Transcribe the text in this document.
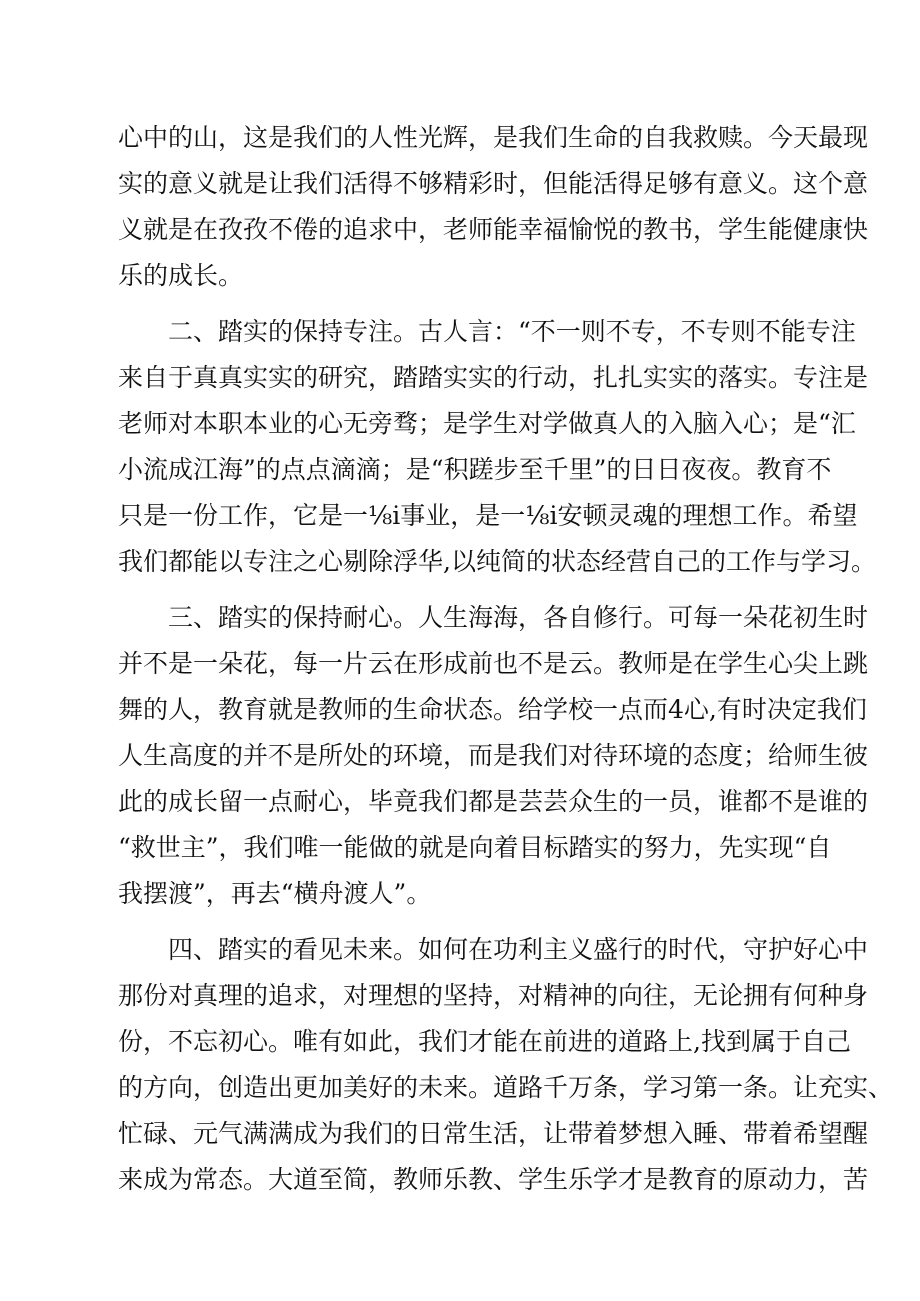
心中的山，这是我们的人性光辉，是我们生命的自我救赎。今天最现
实的意义就是让我们活得不够精彩时，但能活得足够有意义。这个意
义就是在孜孜不倦的追求中，老师能幸福愉悦的教书，学生能健康快
乐的成长。
二、踏实的保持专注。古人言：“不一则不专，不专则不能专注
来自于真真实实的研究，踏踏实实的行动，扎扎实实的落实。专注是
老师对本职本业的心无旁骛；是学生对学做真人的入脑入心；是“汇
小流成江海”的点点滴滴；是“积蹉步至千里”的日日夜夜。教育不
只是一份工作，它是一⅛i事业，是一⅛i安顿灵魂的理想工作。希望
我们都能以专注之心剔除浮华,以纯简的状态经营自己的工作与学习。
三、踏实的保持耐心。人生海海，各自修行。可每一朵花初生时
并不是一朵花，每一片云在形成前也不是云。教师是在学生心尖上跳
舞的人，教育就是教师的生命状态。给学校一点而4心,有时决定我们
人生高度的并不是所处的环境，而是我们对待环境的态度；给师生彼
此的成长留一点耐心，毕竟我们都是芸芸众生的一员，谁都不是谁的
“救世主”，我们唯一能做的就是向着目标踏实的努力，先实现“自
我摆渡”，再去“横舟渡人”。
四、踏实的看见未来。如何在功利主义盛行的时代，守护好心中
那份对真理的追求，对理想的坚持，对精神的向往，无论拥有何种身
份，不忘初心。唯有如此，我们才能在前进的道路上,找到属于自己
的方向，创造出更加美好的未来。道路千万条，学习第一条。让充实、
忙碌、元气满满成为我们的日常生活，让带着梦想入睡、带着希望醒
来成为常态。大道至简，教师乐教、学生乐学才是教育的原动力，苦
